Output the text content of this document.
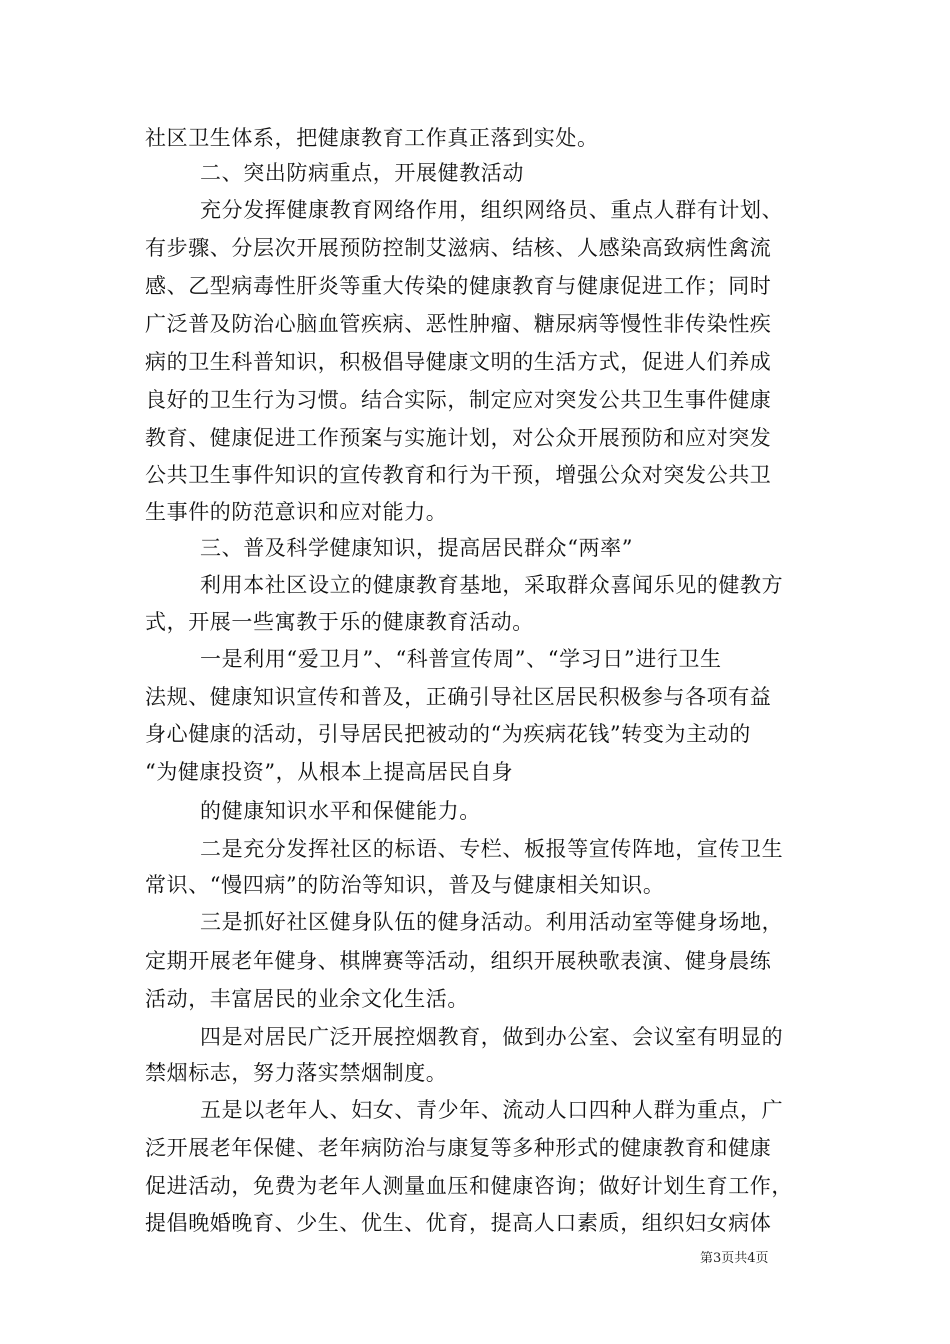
社区卫生体系，把健康教育工作真正落到实处。
二、突出防病重点，开展健教活动
充分发挥健康教育网络作用，组织网络员、重点人群有计划、
有步骤、分层次开展预防控制艾滋病、结核、人感染高致病性禽流
感、乙型病毒性肝炎等重大传染的健康教育与健康促进工作；同时
广泛普及防治心脑血管疾病、恶性肿瘤、糖尿病等慢性非传染性疾
病的卫生科普知识，积极倡导健康文明的生活方式，促进人们养成
良好的卫生行为习惯。结合实际，制定应对突发公共卫生事件健康
教育、健康促进工作预案与实施计划，对公众开展预防和应对突发
公共卫生事件知识的宣传教育和行为干预，增强公众对突发公共卫
生事件的防范意识和应对能力。
三、普及科学健康知识，提高居民群众“两率”
利用本社区设立的健康教育基地，采取群众喜闻乐见的健教方
式，开展一些寓教于乐的健康教育活动。
一是利用“爱卫月”、“科普宣传周”、“学习日”进行卫生
法规、健康知识宣传和普及，正确引导社区居民积极参与各项有益
身心健康的活动，引导居民把被动的“为疾病花钱”转变为主动的
“为健康投资”，从根本上提高居民自身
的健康知识水平和保健能力。
二是充分发挥社区的标语、专栏、板报等宣传阵地，宣传卫生
常识、“慢四病”的防治等知识，普及与健康相关知识。
三是抓好社区健身队伍的健身活动。利用活动室等健身场地，
定期开展老年健身、棋牌赛等活动，组织开展秧歌表演、健身晨练
活动，丰富居民的业余文化生活。
四是对居民广泛开展控烟教育，做到办公室、会议室有明显的
禁烟标志，努力落实禁烟制度。
五是以老年人、妇女、青少年、流动人口四种人群为重点，广
泛开展老年保健、老年病防治与康复等多种形式的健康教育和健康
促进活动，免费为老年人测量血压和健康咨询；做好计划生育工作，
提倡晚婚晚育、少生、优生、优育，提高人口素质，组织妇女病体
第3页共4页
